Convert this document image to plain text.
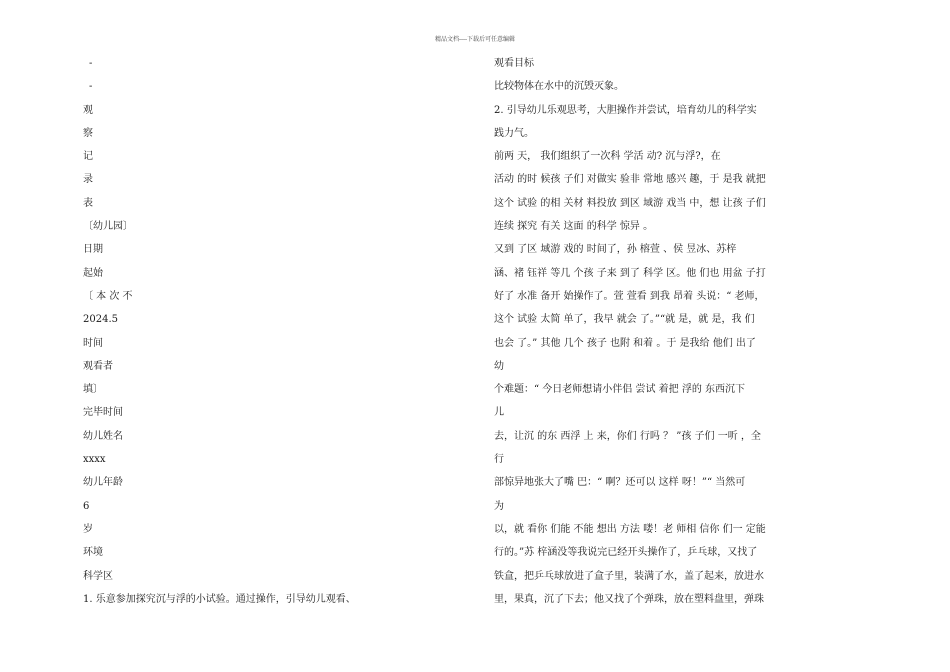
精品文档----下载后可任意编辑
-
-
观
察
记
录
表
〔幼儿园〕
日期
起始
〔 本 次 不
2024.5
时间
观看者
填〕
完毕时间
幼儿姓名
xxxx
幼儿年龄
6
岁
环境
科学区
1. 乐意参加探究沉与浮的小试验。通过操作，引导幼儿观看、
观看目标
比较物体在水中的沉毁灭象。
2. 引导幼儿乐观思考，大胆操作并尝试，培育幼儿的科学实
践力气。
前两 天， 我们组织了一次科 学活 动? 沉与浮?，在
活动 的时 候孩 子们 对做实 验非 常地 感兴 趣，于 是我 就把
这个 试验 的相 关材 料投放 到区 域游 戏当 中，想 让孩 子们
连续 探究 有关 这面 的科学 惊异 。
又到 了区 域游 戏的 时间了，孙 榕萱 、侯 昱冰、苏梓
涵、褚 钰祥 等几 个孩 子来 到了 科学 区。他 们也 用盆 子打
好了 水准 备开 始操作了。萱 萱看 到我 昂着 头说：“ 老师，
这个 试验 太简 单了，我早 就会 了。”“就 是，就 是，我 们
也会 了。” 其他 几个 孩子 也附 和着 。于 是我给 他们 出了
幼
个难题：“ 今日老师想请小伴侣 尝试 着把 浮的 东西沉下
儿
去，让沉 的东 西浮 上 来，你们 行吗 ？ ”孩 子们 一听 ，全
行
部惊异地张大了嘴 巴：“ 啊？还可以 这样 呀！”“ 当然可
为
以，就 看你 们能 不能 想出 方法 喽！老 师相 信你 们一 定能
行的。”苏 梓涵没等我说完已经开头操作了，乒乓球，又找了
铁盒，把乒乓球放进了盒子里，装满了水，盖了起来，放进水
里，果真，沉了下去；他又找了个弹珠，放在塑料盘里，弹珠
